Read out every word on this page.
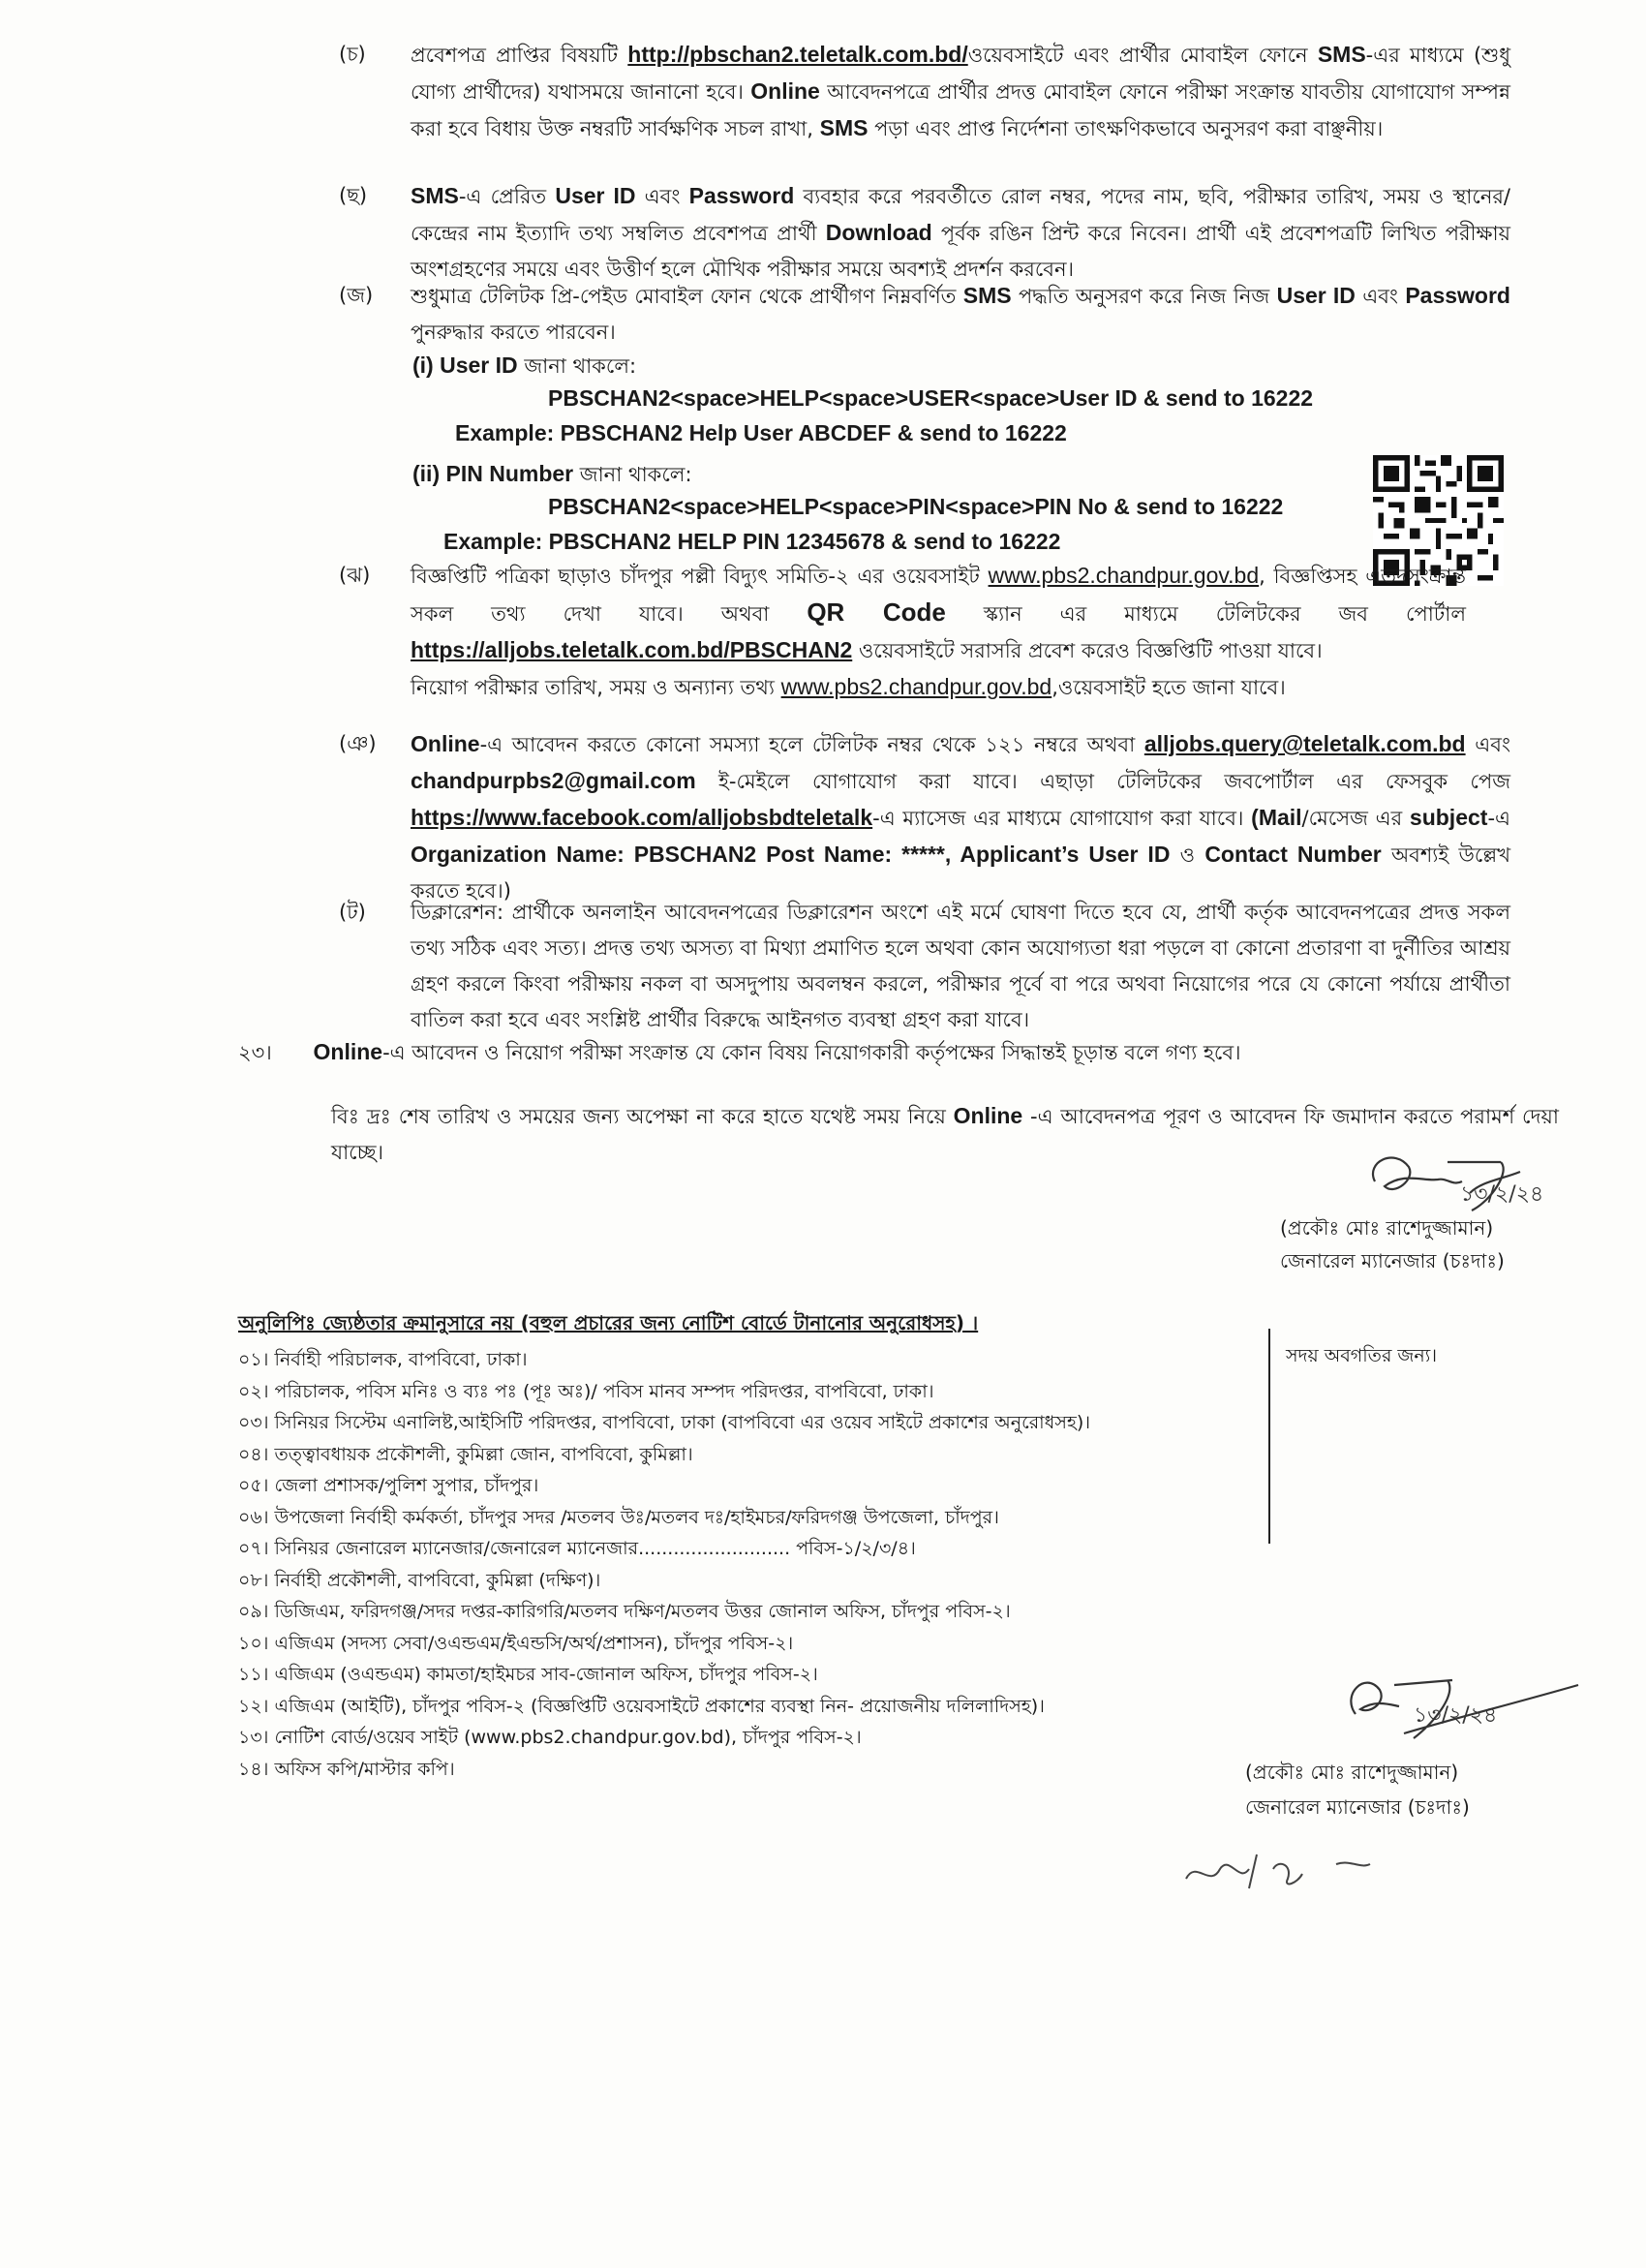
(চ) প্রবেশপত্র প্রাপ্তির বিষয়টি http://pbschan2.teletalk.com.bd/ওয়েবসাইটে এবং প্রার্থীর মোবাইল ফোনে SMS-এর মাধ্যমে (শুধু যোগ্য প্রার্থীদের) যথাসময়ে জানানো হবে। Online আবেদনপত্রে প্রার্থীর প্রদত্ত মোবাইল ফোনে পরীক্ষা সংক্রান্ত যাবতীয় যোগাযোগ সম্পন্ন করা হবে বিধায় উক্ত নম্বরটি সার্বক্ষণিক সচল রাখা, SMS পড়া এবং প্রাপ্ত নির্দেশনা তাৎক্ষণিকভাবে অনুসরণ করা বাঞ্ছনীয়।
(ছ) SMS-এ প্রেরিত User ID এবং Password ব্যবহার করে পরবর্তীতে রোল নম্বর, পদের নাম, ছবি, পরীক্ষার তারিখ, সময় ও স্থানের/কেন্দ্রের নাম ইত্যাদি তথ্য সম্বলিত প্রবেশপত্র প্রার্থী Download পূর্বক রঙিন প্রিন্ট করে নিবেন। প্রার্থী এই প্রবেশপত্রটি লিখিত পরীক্ষায় অংশগ্রহণের সময়ে এবং উত্তীর্ণ হলে মৌখিক পরীক্ষার সময়ে অবশ্যই প্রদর্শন করবেন।
(জ) শুধুমাত্র টেলিটক প্রি-পেইড মোবাইল ফোন থেকে প্রার্থীগণ নিম্নবর্ণিত SMS পদ্ধতি অনুসরণ করে নিজ নিজ User ID এবং Password পুনরুদ্ধার করতে পারবেন।
(i) User ID জানা থাকলে:
PBSCHAN2<space>HELP<space>USER<space>User ID & send to 16222
Example: PBSCHAN2 Help User ABCDEF & send to 16222
(ii) PIN Number জানা থাকলে:
PBSCHAN2<space>HELP<space>PIN<space>PIN No & send to 16222
Example: PBSCHAN2 HELP PIN 12345678 & send to 16222
(ঝ) বিজ্ঞপ্তিটি পত্রিকা ছাড়াও চাঁদপুর পল্লী বিদ্যুৎ সমিতি-২ এর ওয়েবসাইট www.pbs2.chandpur.gov.bd, বিজ্ঞপ্তিসহ এতদসংক্রান্ত সকল তথ্য দেখা যাবে। অথবা QR Code স্ক্যান এর মাধ্যমে টেলিটকের জব পোর্টাল https://alljobs.teletalk.com.bd/PBSCHAN2 ওয়েবসাইটে সরাসরি প্রবেশ করেও বিজ্ঞপ্তিটি পাওয়া যাবে।
নিয়োগ পরীক্ষার তারিখ, সময় ও অন্যান্য তথ্য www.pbs2.chandpur.gov.bd,ওয়েবসাইট হতে জানা যাবে।
(ঞ) Online-এ আবেদন করতে কোনো সমস্যা হলে টেলিটক নম্বর থেকে ১২১ নম্বরে অথবা alljobs.query@teletalk.com.bd এবং chandpurpbs2@gmail.com ই-মেইলে যোগাযোগ করা যাবে। এছাড়া টেলিটকের জবপোর্টাল এর ফেসবুক পেজ https://www.facebook.com/alljobsbdteletalk-এ ম্যাসেজ এর মাধ্যমে যোগাযোগ করা যাবে। (Mail/মেসেজ এর subject-এ Organization Name: PBSCHAN2 Post Name: *****, Applicant’s User ID ও Contact Number অবশ্যই উল্লেখ করতে হবে।)
(ট) ডিক্লারেশন: প্রার্থীকে অনলাইন আবেদনপত্রের ডিক্লারেশন অংশে এই মর্মে ঘোষণা দিতে হবে যে, প্রার্থী কর্তৃক আবেদনপত্রের প্রদত্ত সকল তথ্য সঠিক এবং সত্য। প্রদত্ত তথ্য অসত্য বা মিথ্যা প্রমাণিত হলে অথবা কোন অযোগ্যতা ধরা পড়লে বা কোনো প্রতারণা বা দুর্নীতির আশ্রয় গ্রহণ করলে কিংবা পরীক্ষায় নকল বা অসদুপায় অবলম্বন করলে, পরীক্ষার পূর্বে বা পরে অথবা নিয়োগের পরে যে কোনো পর্যায়ে প্রার্থীতা বাতিল করা হবে এবং সংশ্লিষ্ট প্রার্থীর বিরুদ্ধে আইনগত ব্যবস্থা গ্রহণ করা যাবে।
২৩। Online-এ আবেদন ও নিয়োগ পরীক্ষা সংক্রান্ত যে কোন বিষয় নিয়োগকারী কর্তৃপক্ষের সিদ্ধান্তই চূড়ান্ত বলে গণ্য হবে।
বিঃ দ্রঃ শেষ তারিখ ও সময়ের জন্য অপেক্ষা না করে হাতে যথেষ্ট সময় নিয়ে Online -এ আবেদনপত্র পূরণ ও আবেদন ফি জমাদান করতে পরামর্শ দেয়া যাচ্ছে।
১৩/২/২৪
(প্রকৌঃ মোঃ রাশেদুজ্জামান)
জেনারেল ম্যানেজার (চঃদাঃ)
অনুলিপিঃ জ্যেষ্ঠতার ক্রমানুসারে নয় (বহুল প্রচারের জন্য নোটিশ বোর্ডে টানানোর অনুরোধসহ) ।
০১। নির্বাহী পরিচালক, বাপবিবো, ঢাকা।
০২। পরিচালক, পবিস মনিঃ ও ব্যঃ পঃ (পূঃ অঃ)/ পবিস মানব সম্পদ পরিদপ্তর, বাপবিবো, ঢাকা।
০৩। সিনিয়র সিস্টেম এনালিষ্ট,আইসিটি পরিদপ্তর, বাপবিবো, ঢাকা (বাপবিবো এর ওয়েব সাইটে প্রকাশের অনুরোধসহ)।
০৪। তত্ত্বাবধায়ক প্রকৌশলী, কুমিল্লা জোন, বাপবিবো, কুমিল্লা।
০৫। জেলা প্রশাসক/পুলিশ সুপার, চাঁদপুর।
০৬। উপজেলা নির্বাহী কর্মকর্তা, চাঁদপুর সদর /মতলব উঃ/মতলব দঃ/হাইমচর/ফরিদগঞ্জ উপজেলা, চাঁদপুর।
০৭। সিনিয়র জেনারেল ম্যানেজার/জেনারেল ম্যানেজার.......................... পবিস-১/২/৩/৪।
০৮। নির্বাহী প্রকৌশলী, বাপবিবো, কুমিল্লা (দক্ষিণ)।
০৯। ডিজিএম, ফরিদগঞ্জ/সদর দপ্তর-কারিগরি/মতলব দক্ষিণ/মতলব উত্তর জোনাল অফিস, চাঁদপুর পবিস-২।
১০। এজিএম (সদস্য সেবা/ওএন্ডএম/ইএন্ডসি/অর্থ/প্রশাসন), চাঁদপুর পবিস-২।
১১। এজিএম (ওএন্ডএম) কামতা/হাইমচর সাব-জোনাল অফিস, চাঁদপুর পবিস-২।
১২। এজিএম (আইটি), চাঁদপুর পবিস-২ (বিজ্ঞপ্তিটি ওয়েবসাইটে প্রকাশের ব্যবস্থা নিন- প্রয়োজনীয় দলিলাদিসহ)।
১৩। নোটিশ বোর্ড/ওয়েব সাইট (www.pbs2.chandpur.gov.bd), চাঁদপুর পবিস-২।
১৪। অফিস কপি/মাস্টার কপি।
সদয় অবগতির জন্য।
১৩/২/২৪
(প্রকৌঃ মোঃ রাশেদুজ্জামান)
জেনারেল ম্যানেজার (চঃদাঃ)
